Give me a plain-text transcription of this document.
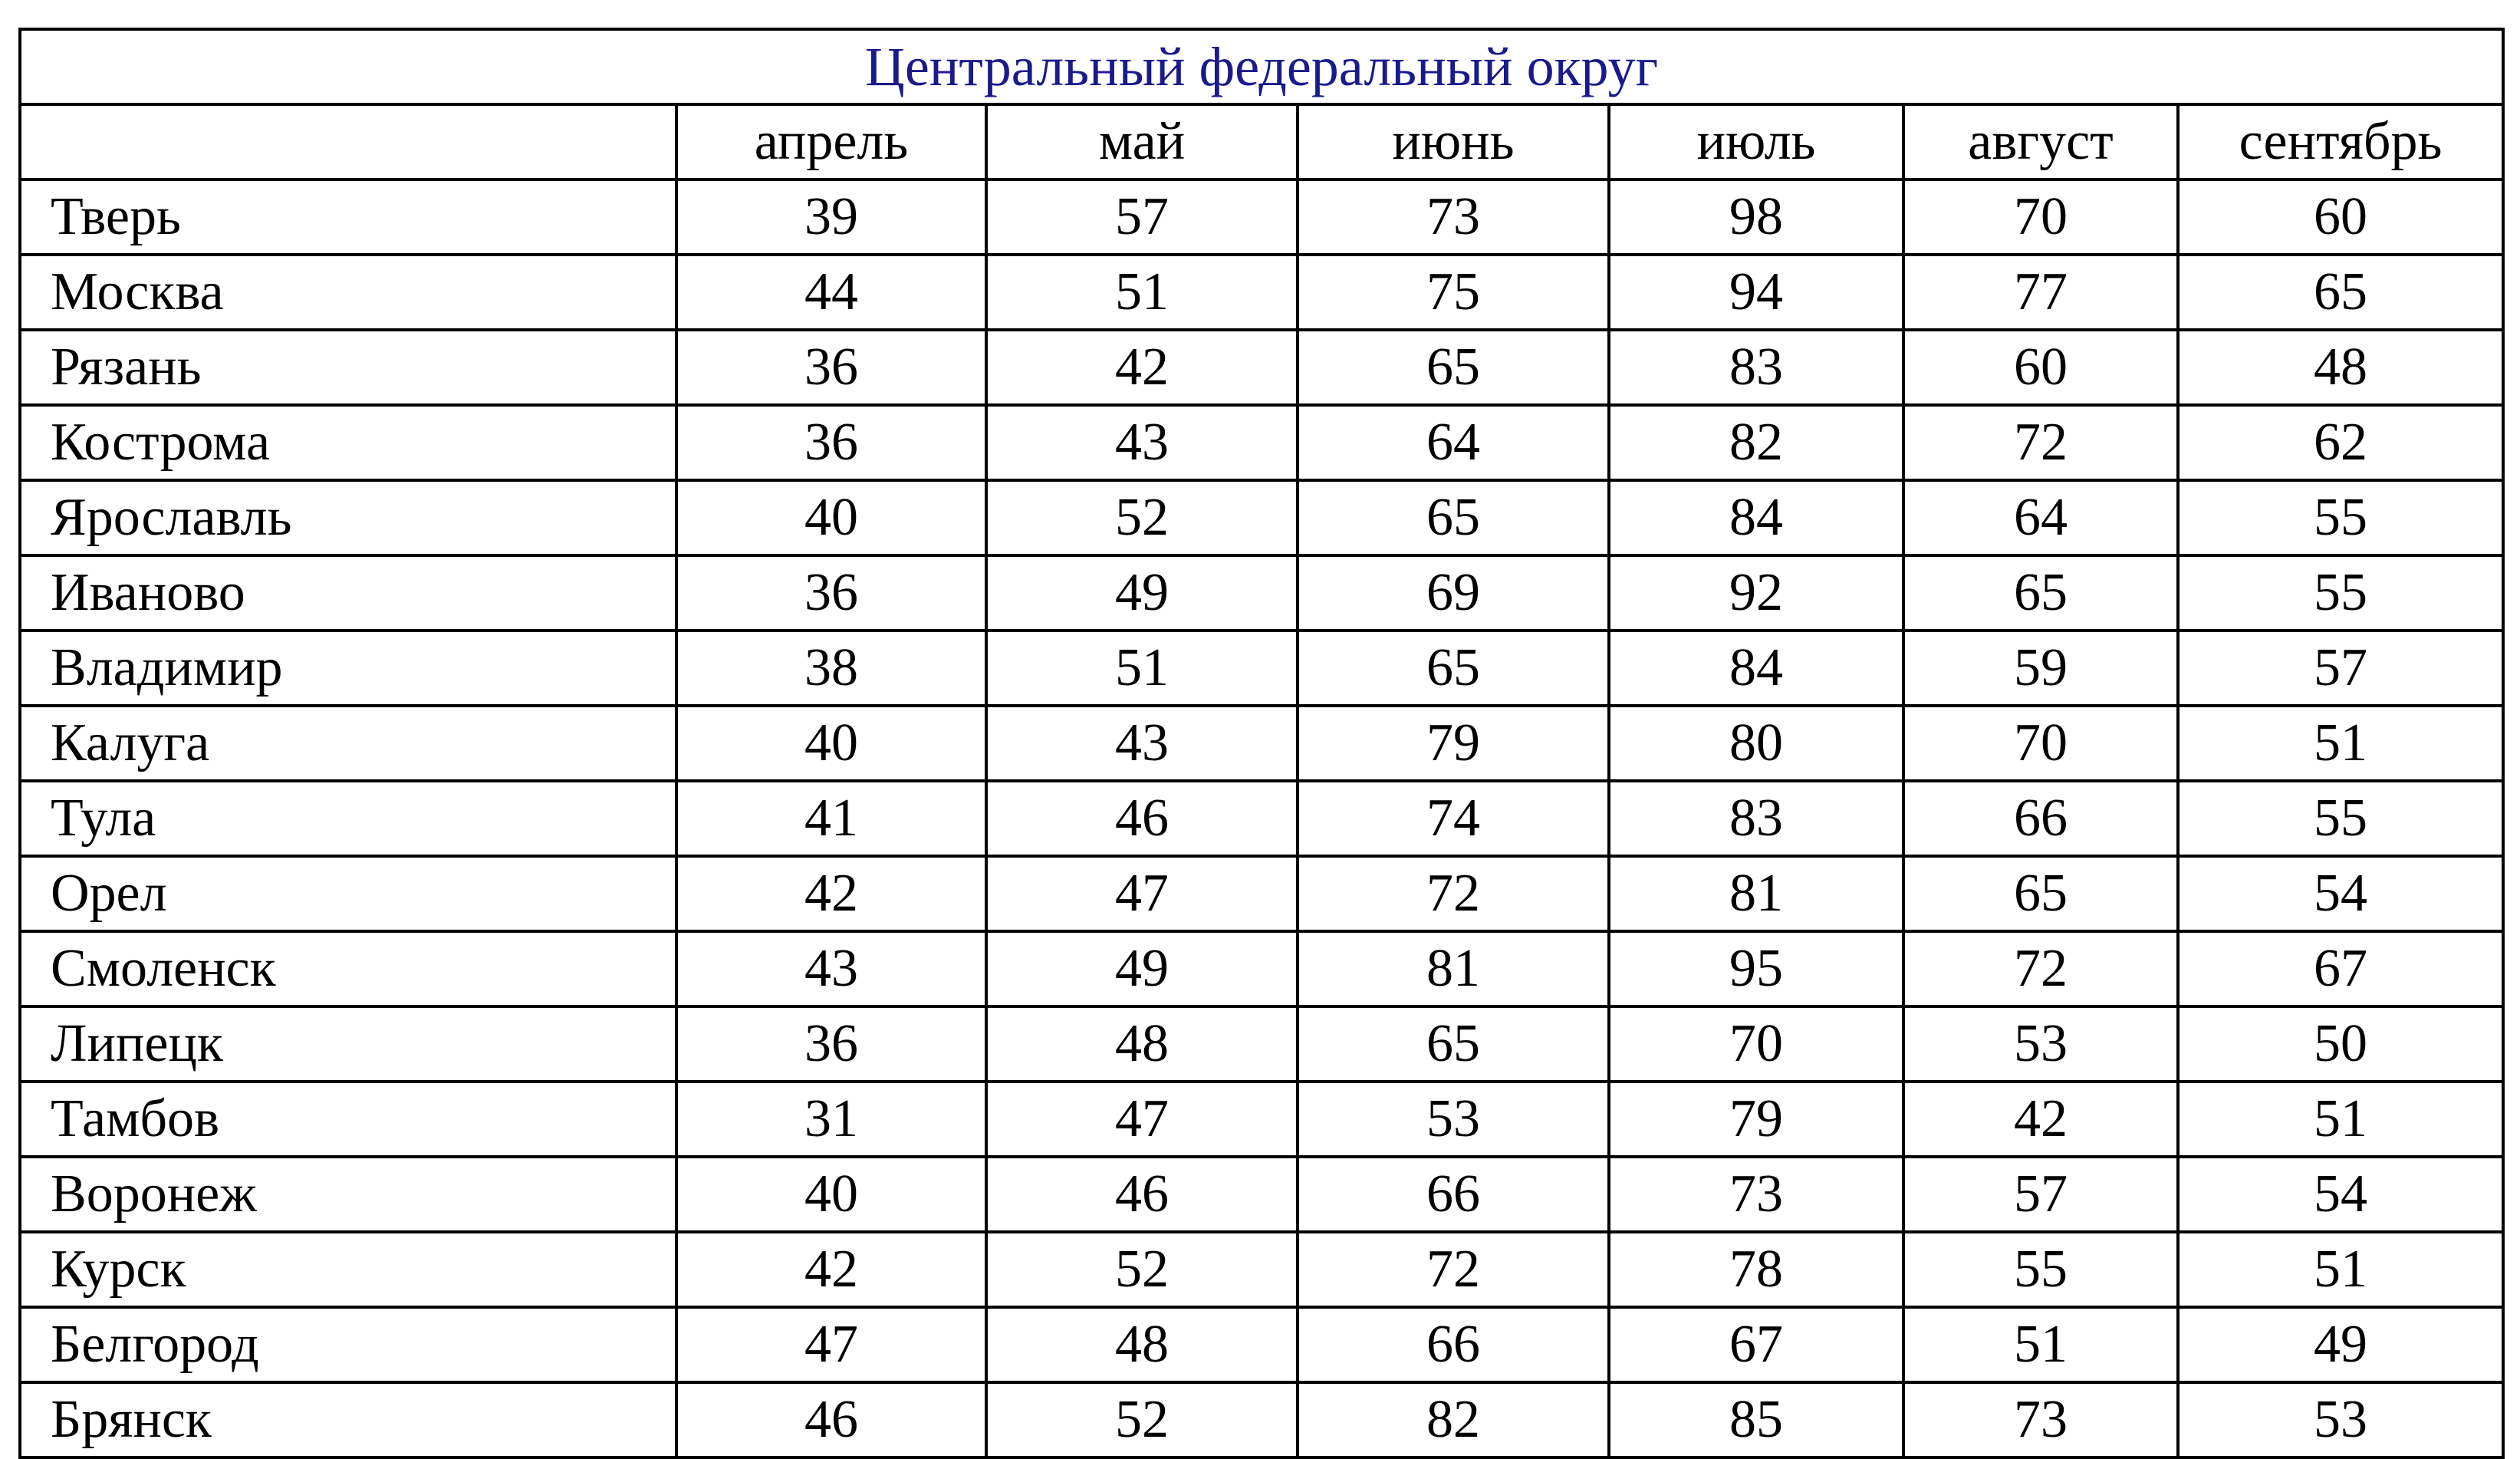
Центральный федеральный округ						
	апрель	май	июнь	июль	август	сентябрь
Тверь	39	57	73	98	70	60
Москва	44	51	75	94	77	65
Рязань	36	42	65	83	60	48
Кострома	36	43	64	82	72	62
Ярославль	40	52	65	84	64	55
Иваново	36	49	69	92	65	55
Владимир	38	51	65	84	59	57
Калуга	40	43	79	80	70	51
Тула	41	46	74	83	66	55
Орел	42	47	72	81	65	54
Смоленск	43	49	81	95	72	67
Липецк	36	48	65	70	53	50
Тамбов	31	47	53	79	42	51
Воронеж	40	46	66	73	57	54
Курск	42	52	72	78	55	51
Белгород	47	48	66	67	51	49
Брянск	46	52	82	85	73	53
